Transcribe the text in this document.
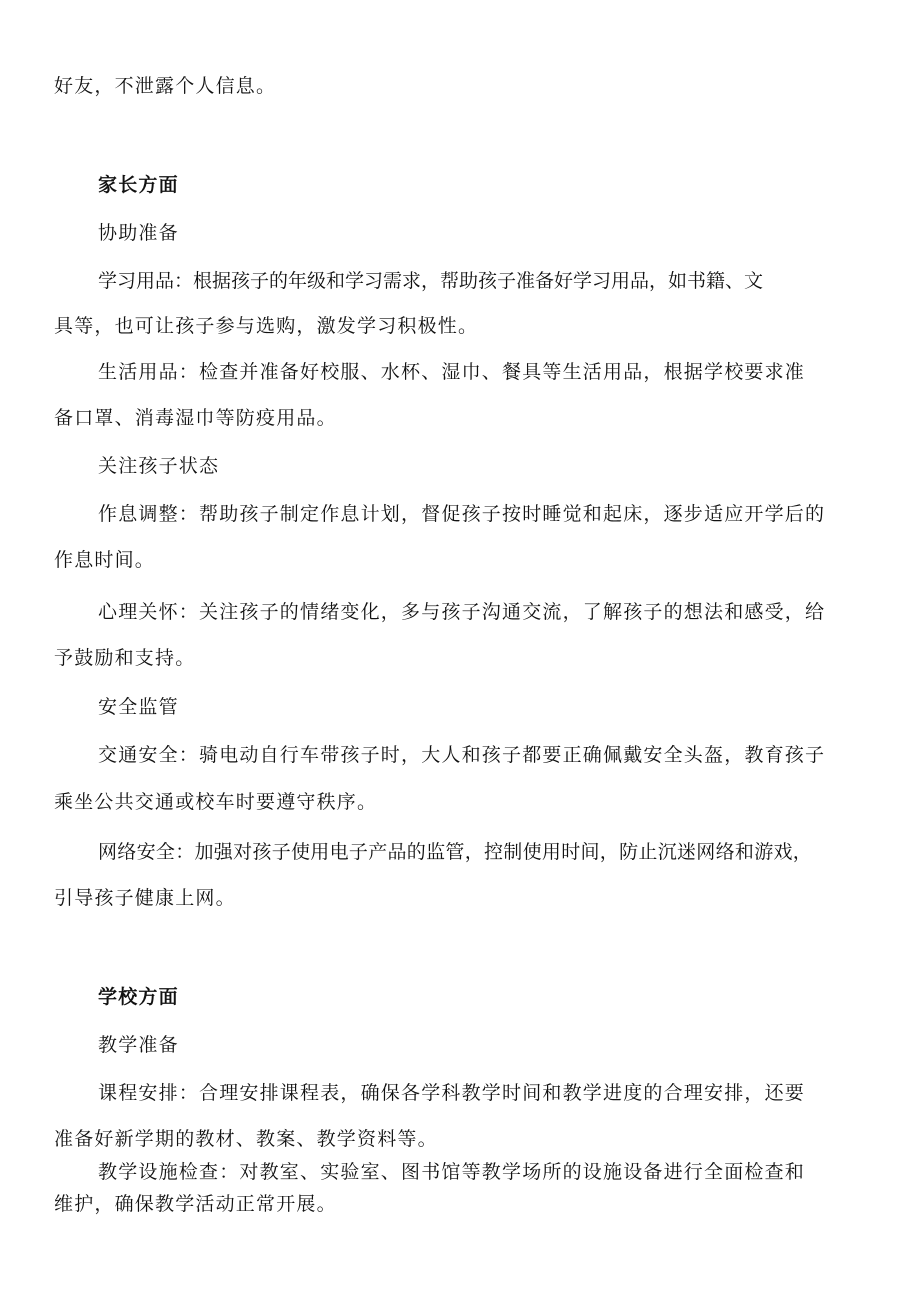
好友，不泄露个人信息。
家长方面
协助准备
学习用品：根据孩子的年级和学习需求，帮助孩子准备好学习用品，如书籍、文
具等，也可让孩子参与选购，激发学习积极性。
生活用品：检查并准备好校服、水杯、湿巾、餐具等生活用品，根据学校要求准
备口罩、消毒湿巾等防疫用品。
关注孩子状态
作息调整：帮助孩子制定作息计划，督促孩子按时睡觉和起床，逐步适应开学后的
作息时间。
心理关怀：关注孩子的情绪变化，多与孩子沟通交流，了解孩子的想法和感受，给
予鼓励和支持。
安全监管
交通安全：骑电动自行车带孩子时，大人和孩子都要正确佩戴安全头盔，教育孩子
乘坐公共交通或校车时要遵守秩序。
网络安全：加强对孩子使用电子产品的监管，控制使用时间，防止沉迷网络和游戏，
引导孩子健康上网。
学校方面
教学准备
课程安排：合理安排课程表，确保各学科教学时间和教学进度的合理安排，还要
准备好新学期的教材、教案、教学资料等。
教学设施检查：对教室、实验室、图书馆等教学场所的设施设备进行全面检查和
维护，确保教学活动正常开展。
